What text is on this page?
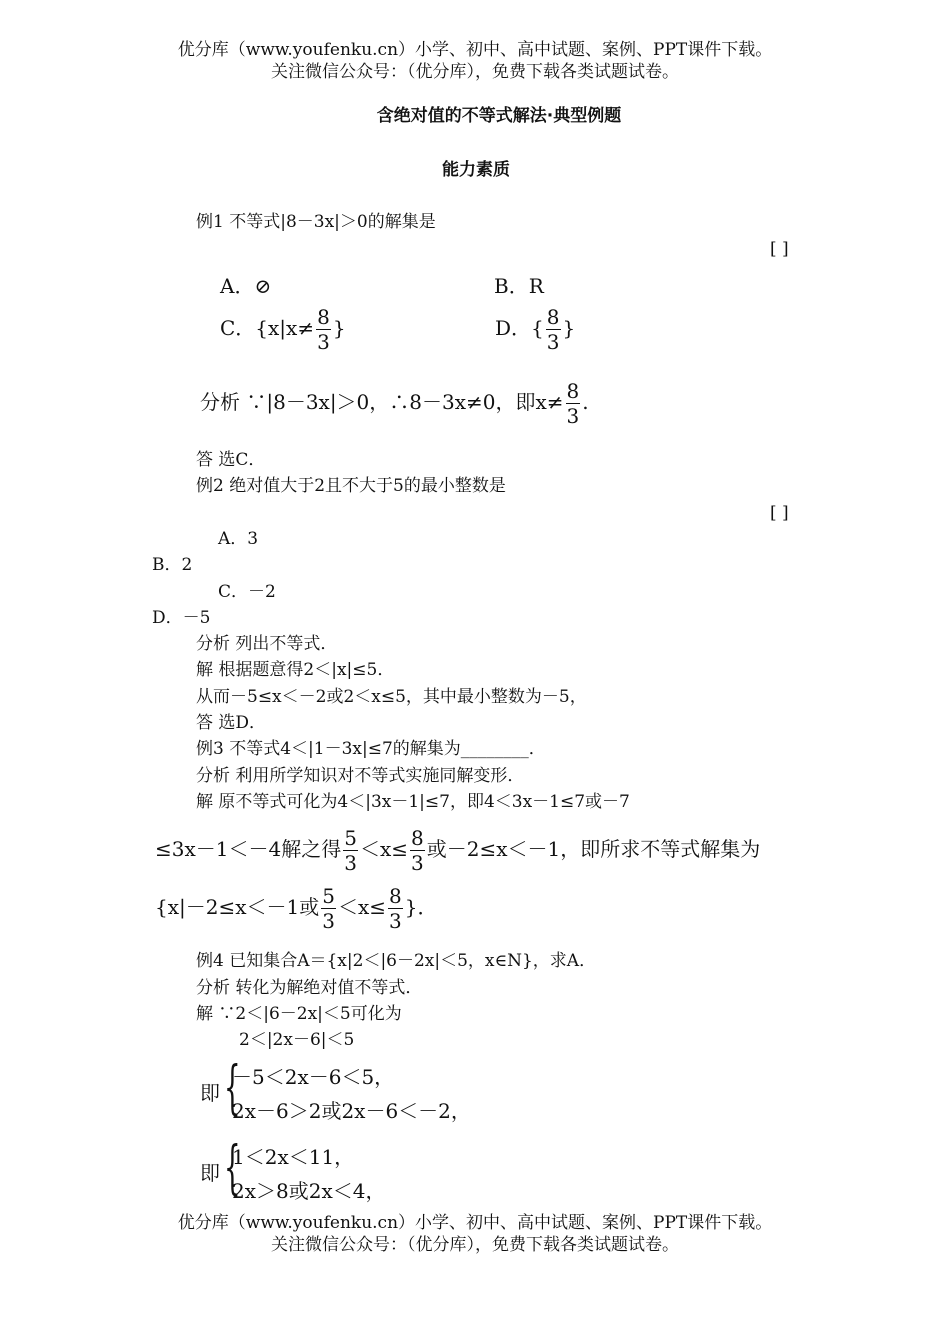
优分库（www.youfenku.cn）小学、初中、高中试题、案例、PPT课件下载。
关注微信公众号：（优分库），免费下载各类试题试卷。
含绝对值的不等式解法·典型例题
能力素质
例1 不等式|8－3x|＞0的解集是
[ ]
A．⊘	B．R
C．{$x|x\ne \frac{8}{3}$ }	D．{ $\frac{8}{3}$ }
分析 ∵|8－3x|＞0，∴8－3x≠0，即$x\ne \frac{8}{3}$ .
答 选C．
例2 绝对值大于2且不大于5的最小整数是
[ ]
A．3
B．2
C．－2
D．－5
分析 列出不等式．
解 根据题意得2＜|x|≤5．
从而－5≤x＜－2或2＜x≤5，其中最小整数为－5，
答 选D．
例3 不等式4＜|1－3x|≤7的解集为________．
分析 利用所学知识对不等式实施同解变形．
解 原不等式可化为4＜|3x－1|≤7，即4＜3x－1≤7或－7
≤3x－1＜－4解之得 $\frac{5}{3} <x\le \frac{8}{3}$ 或－2≤x＜－1，即所求不等式解集为
{x|－2≤x＜－1或 $\frac{5}{3} <x\le \frac{8}{3}$ }．
例4 已知集合A＝{x|2＜|6－2x|＜5，x∈N}，求A．
分析 转化为解绝对值不等式．
解 ∵2＜|6－2x|＜5可化为
2＜|2x－6|＜5
即 {
－5＜2x－6＜5，
2x－6＞2或2x－6＜－2，
即 {
1＜2x＜11，
2x＞8或2x＜4，
优分库（www.youfenku.cn）小学、初中、高中试题、案例、PPT课件下载。
关注微信公众号：（优分库），免费下载各类试题试卷。
